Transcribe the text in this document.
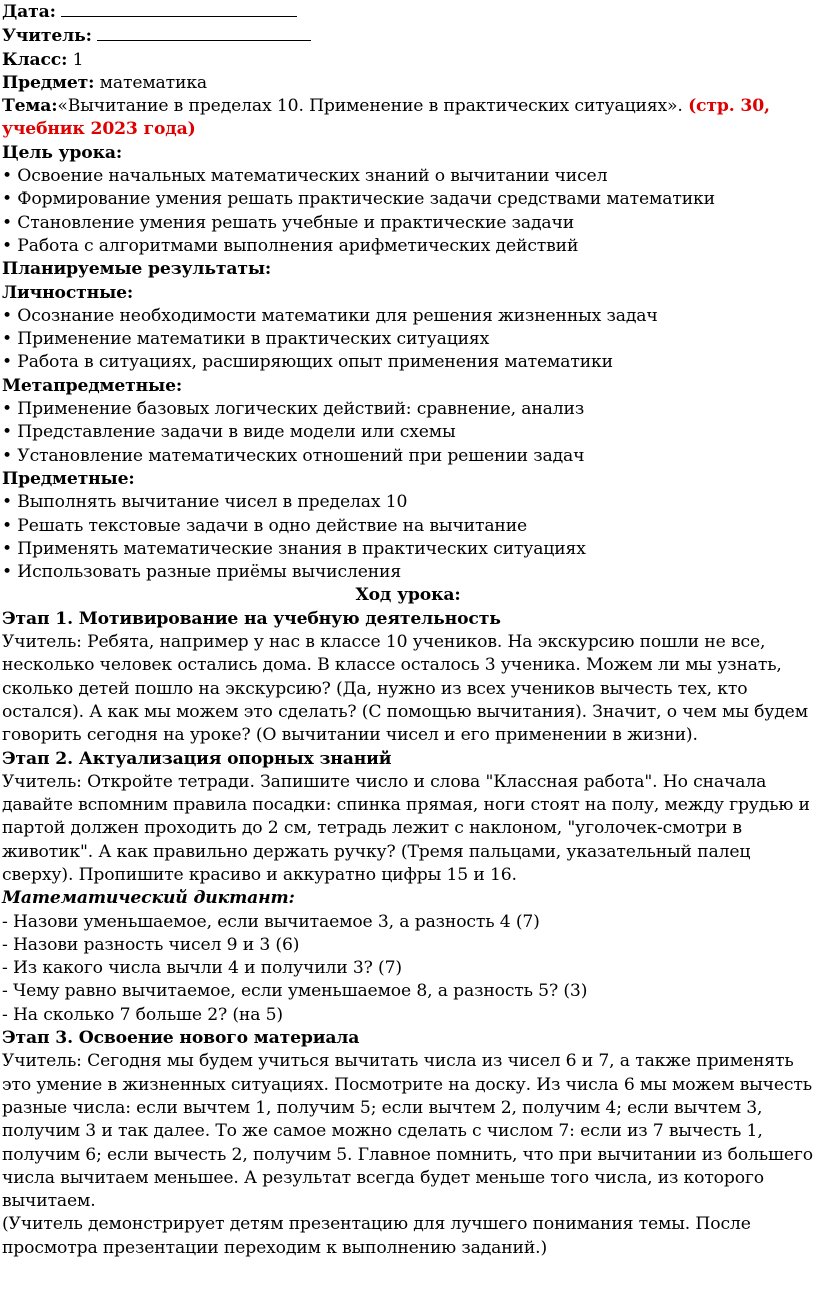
Дата:
Учитель:
Класс: 1
Предмет: математика
Тема:«Вычитание в пределах 10. Применение в практических ситуациях». (стр. 30, учебник 2023 года)
Цель урока:
• Освоение начальных математических знаний о вычитании чисел
• Формирование умения решать практические задачи средствами математики
• Становление умения решать учебные и практические задачи
• Работа с алгоритмами выполнения арифметических действий
Планируемые результаты:
Личностные:
• Осознание необходимости математики для решения жизненных задач
• Применение математики в практических ситуациях
• Работа в ситуациях, расширяющих опыт применения математики
Метапредметные:
• Применение базовых логических действий: сравнение, анализ
• Представление задачи в виде модели или схемы
• Установление математических отношений при решении задач
Предметные:
• Выполнять вычитание чисел в пределах 10
• Решать текстовые задачи в одно действие на вычитание
• Применять математические знания в практических ситуациях
• Использовать разные приёмы вычисления
Ход урока:
Этап 1. Мотивирование на учебную деятельность
Учитель: Ребята, например у нас в классе 10 учеников. На экскурсию пошли не все, несколько человек остались дома. В классе осталось 3 ученика. Можем ли мы узнать, сколько детей пошло на экскурсию? (Да, нужно из всех учеников вычесть тех, кто остался). А как мы можем это сделать? (С помощью вычитания). Значит, о чем мы будем говорить сегодня на уроке? (О вычитании чисел и его применении в жизни).
Этап 2. Актуализация опорных знаний
Учитель: Откройте тетради. Запишите число и слова "Классная работа". Но сначала давайте вспомним правила посадки: спинка прямая, ноги стоят на полу, между грудью и партой должен проходить до 2 см, тетрадь лежит с наклоном, "уголочек-смотри в животик". А как правильно держать ручку? (Тремя пальцами, указательный палец сверху). Пропишите красиво и аккуратно цифры 15 и 16.
Математический диктант:
- Назови уменьшаемое, если вычитаемое 3, а разность 4 (7)
- Назови разность чисел 9 и 3 (6)
- Из какого числа вычли 4 и получили 3? (7)
- Чему равно вычитаемое, если уменьшаемое 8, а разность 5? (3)
- На сколько 7 больше 2? (на 5)
Этап 3. Освоение нового материала
Учитель: Сегодня мы будем учиться вычитать числа из чисел 6 и 7, а также применять это умение в жизненных ситуациях. Посмотрите на доску. Из числа 6 мы можем вычесть разные числа: если вычтем 1, получим 5; если вычтем 2, получим 4; если вычтем 3, получим 3 и так далее. То же самое можно сделать с числом 7: если из 7 вычесть 1, получим 6; если вычесть 2, получим 5. Главное помнить, что при вычитании из большего числа вычитаем меньшее. А результат всегда будет меньше того числа, из которого вычитаем.
(Учитель демонстрирует детям презентацию для лучшего понимания темы. После просмотра презентации переходим к выполнению заданий.)
